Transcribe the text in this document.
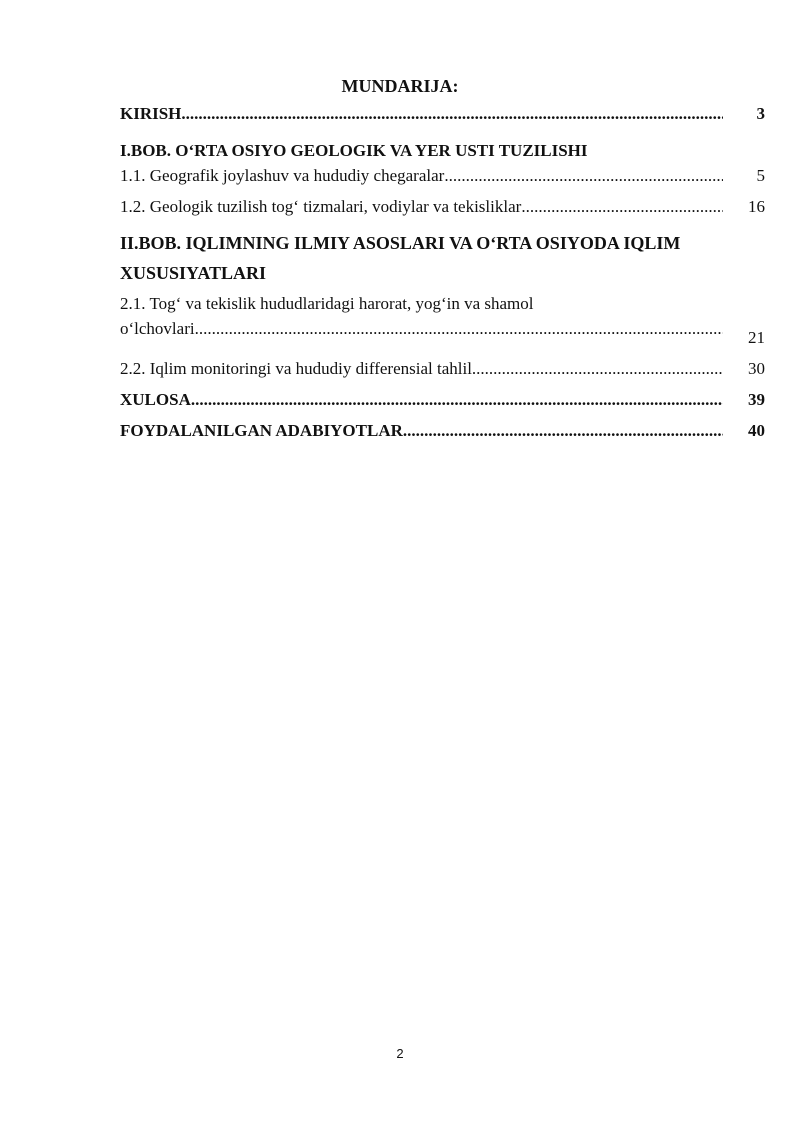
MUNDARIJA:
KIRISH .....	3
I.BOB. O‘RTA OSIYO GEOLOGIK VA YER USTI TUZILISHI
1.1. Geografik joylashuv va hududiy chegaralar .....	5
1.2. Geologik tuzilish tog‘ tizmalari, vodiylar va tekisliklar .....	16
II.BOB. IQLIMNING ILMIY ASOSLARI VA O‘RTA OSIYODA IQLIM
XUSUSIYATLARI
2.1. Tog‘ va tekislik hududlaridagi harorat, yog‘in va shamol
o‘lchovlari .....	21
2.2. Iqlim monitoringi va hududiy differensial tahlil .....	30
XULOSA .....	39
FOYDALANILGAN ADABIYOTLAR .....	40
2
